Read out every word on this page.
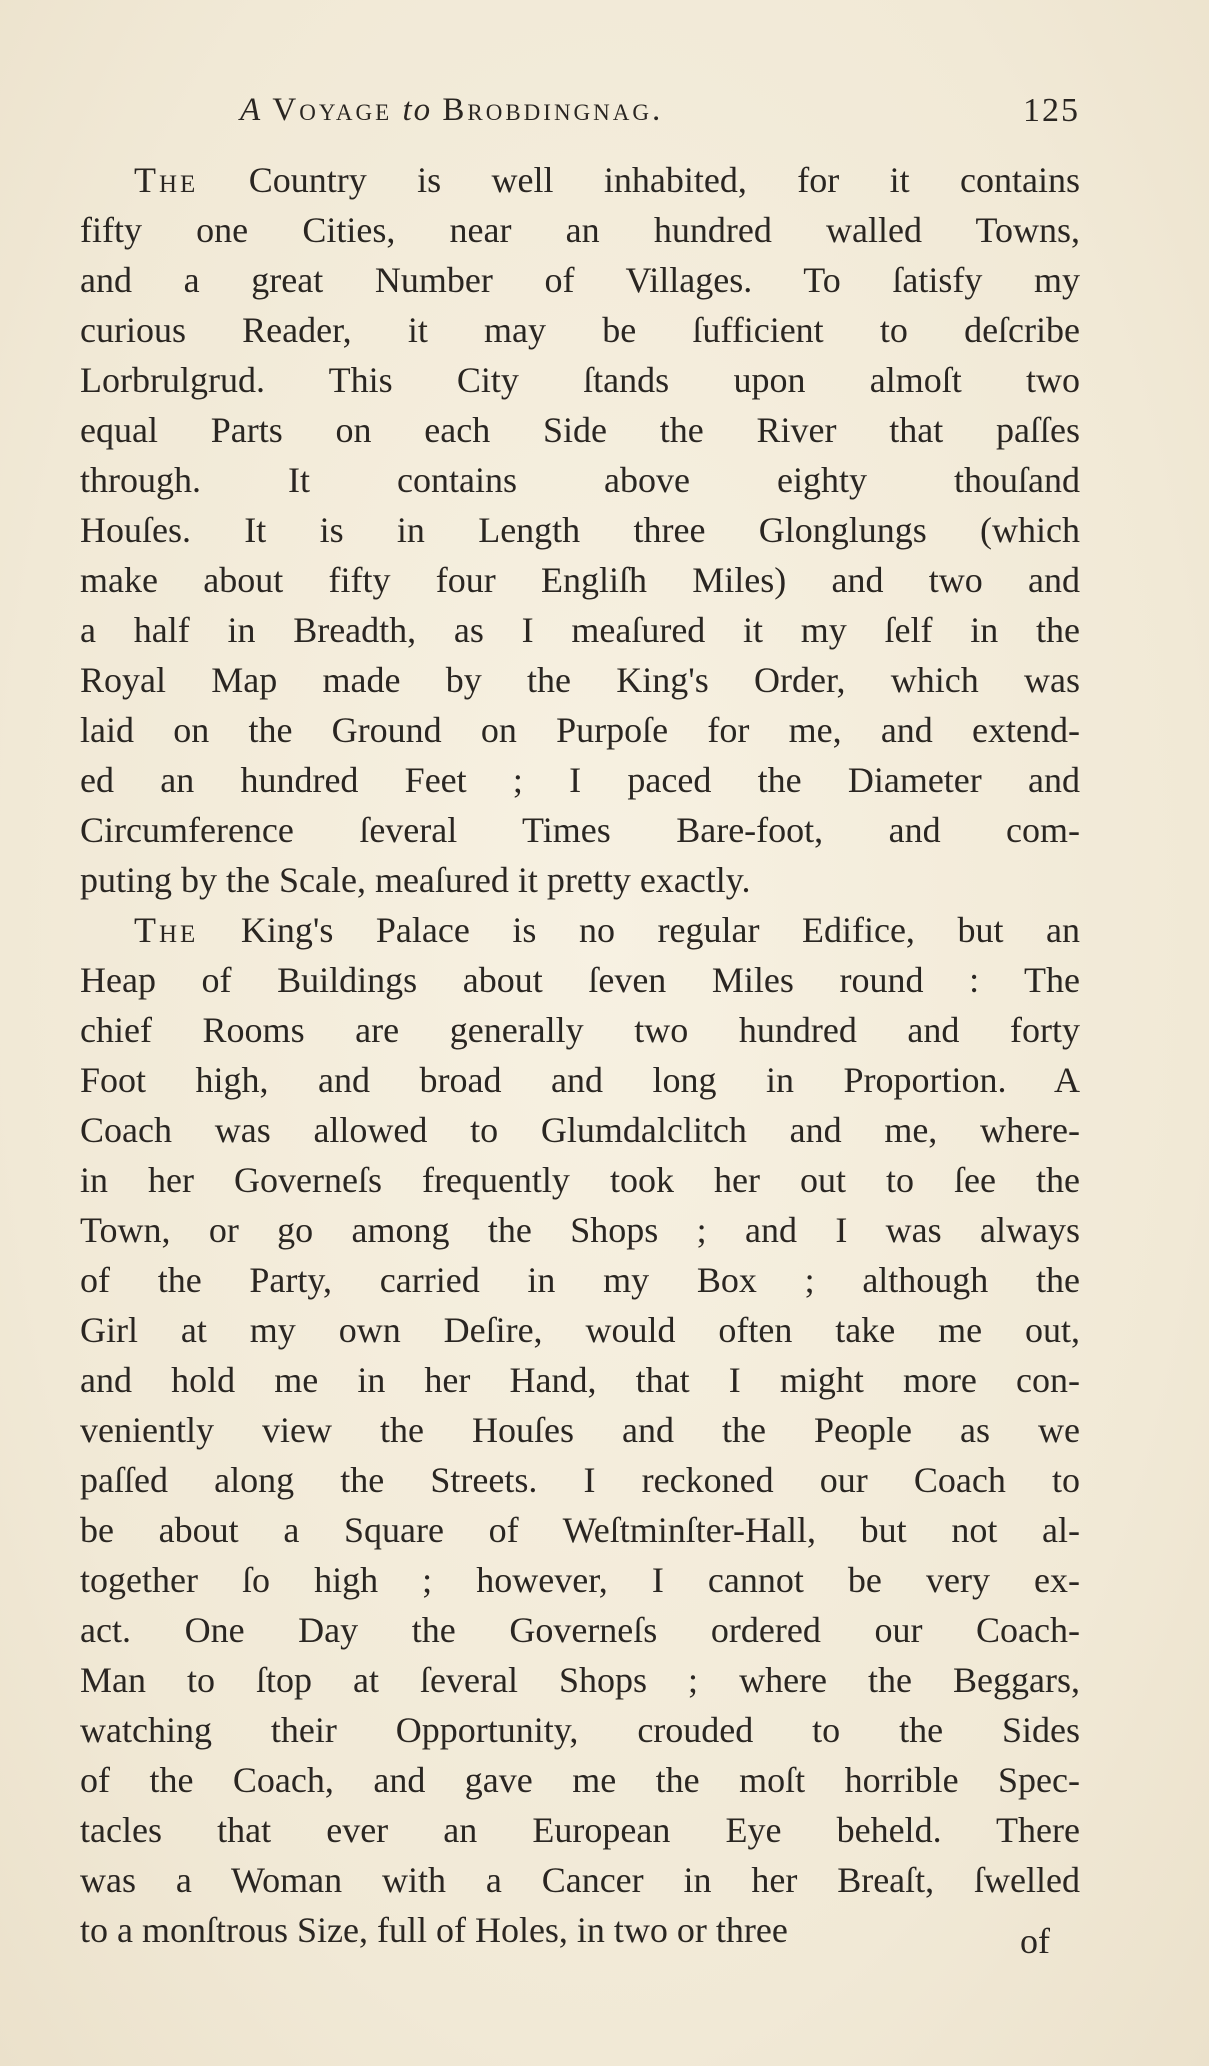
A Voyage to Brobdingnag.	125
The Country is well inhabited, for it contains
fifty one Cities, near an hundred walled Towns,
and a great Number of Villages. To ſatisfy my
curious Reader, it may be ſufficient to deſcribe
Lorbrulgrud. This City ſtands upon almoſt two
equal Parts on each Side the River that paſſes
through. It contains above eighty thouſand
Houſes. It is in Length three Glonglungs (which
make about fifty four Engliſh Miles) and two and
a half in Breadth, as I meaſured it my ſelf in the
Royal Map made by the King's Order, which was
laid on the Ground on Purpoſe for me, and extend-
ed an hundred Feet ; I paced the Diameter and
Circumference ſeveral Times Bare-foot, and com-
puting by the Scale, meaſured it pretty exactly.
The King's Palace is no regular Edifice, but an
Heap of Buildings about ſeven Miles round : The
chief Rooms are generally two hundred and forty
Foot high, and broad and long in Proportion. A
Coach was allowed to Glumdalclitch and me, where-
in her Governeſs frequently took her out to ſee the
Town, or go among the Shops ; and I was always
of the Party, carried in my Box ; although the
Girl at my own Deſire, would often take me out,
and hold me in her Hand, that I might more con-
veniently view the Houſes and the People as we
paſſed along the Streets. I reckoned our Coach to
be about a Square of Weſtminſter-Hall, but not al-
together ſo high ; however, I cannot be very ex-
act. One Day the Governeſs ordered our Coach-
Man to ſtop at ſeveral Shops ; where the Beggars,
watching their Opportunity, crouded to the Sides
of the Coach, and gave me the moſt horrible Spec-
tacles that ever an European Eye beheld. There
was a Woman with a Cancer in her Breaſt, ſwelled
to a monſtrous Size, full of Holes, in two or three	of
